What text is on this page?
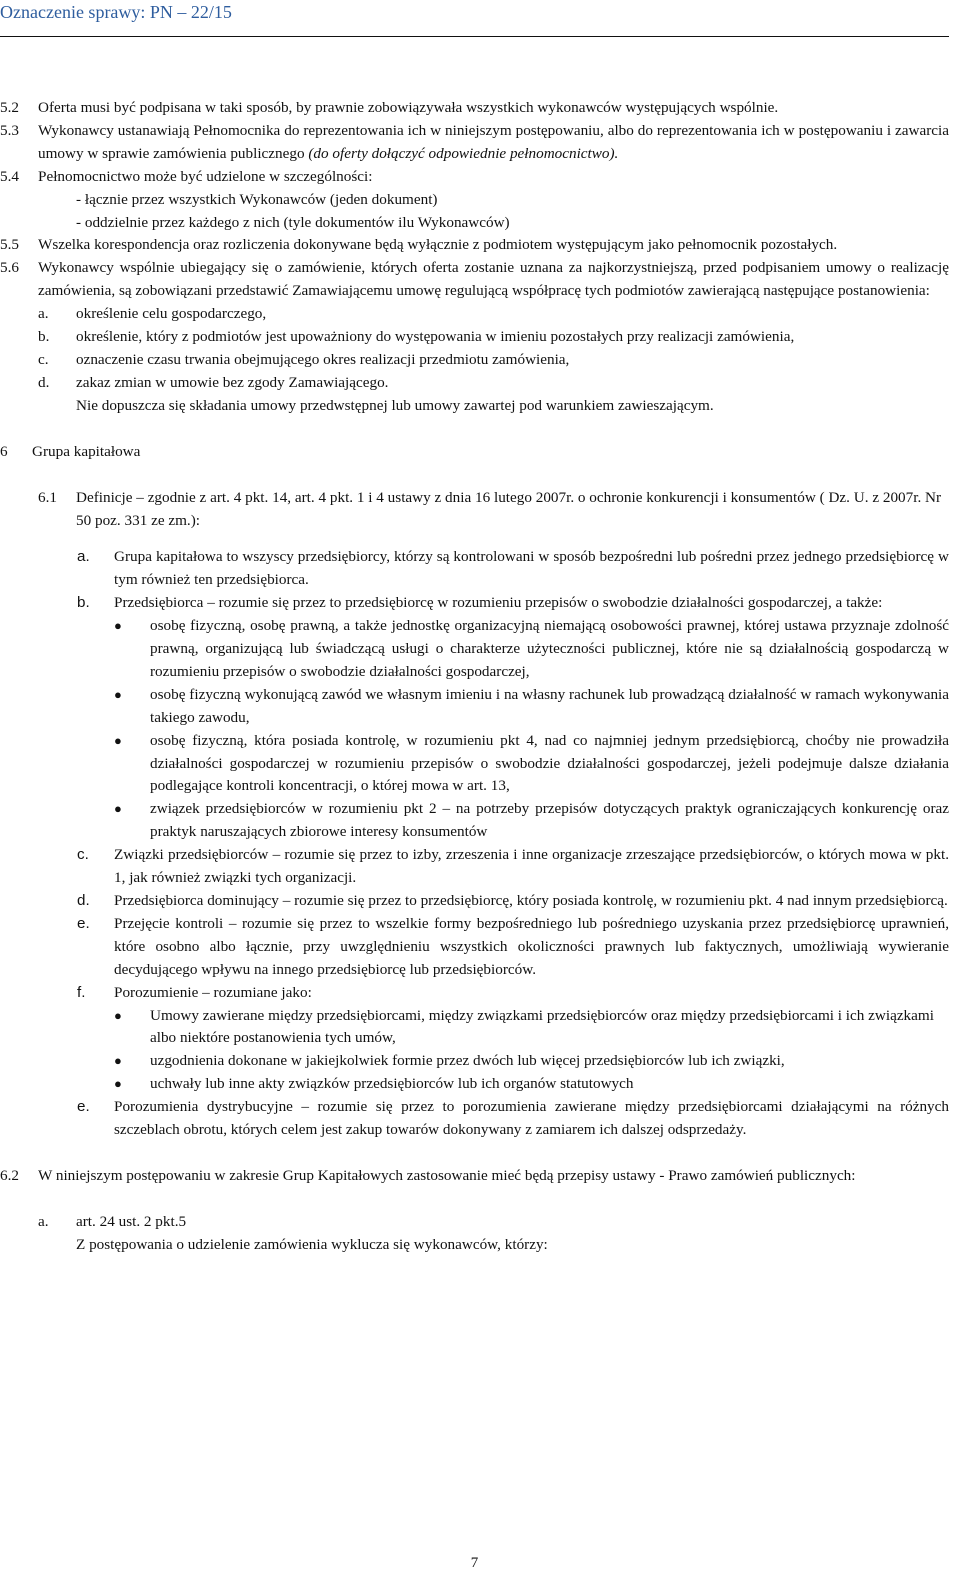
Oznaczenie sprawy: PN – 22/15
5.2	Oferta musi być podpisana w taki sposób, by prawnie zobowiązywała wszystkich wykonawców występujących wspólnie.
5.3	Wykonawcy ustanawiają Pełnomocnika do reprezentowania ich w niniejszym postępowaniu, albo do reprezentowania ich w postępowaniu i zawarcia umowy w sprawie zamówienia publicznego (do oferty dołączyć odpowiednie pełnomocnictwo).
5.4	Pełnomocnictwo może być udzielone w szczególności:
- łącznie przez wszystkich Wykonawców (jeden dokument)
- oddzielnie przez każdego z nich (tyle dokumentów ilu Wykonawców)
5.5	Wszelka korespondencja oraz rozliczenia dokonywane będą wyłącznie z podmiotem występującym jako pełnomocnik pozostałych.
5.6	Wykonawcy wspólnie ubiegający się o zamówienie, których oferta zostanie uznana za najkorzystniejszą, przed podpisaniem umowy o realizację zamówienia, są zobowiązani przedstawić Zamawiającemu umowę regulującą współpracę tych podmiotów zawierającą następujące postanowienia:
a.	określenie celu gospodarczego,
b.	określenie, który z podmiotów jest upoważniony do występowania w imieniu pozostałych przy realizacji zamówienia,
c.	oznaczenie czasu trwania obejmującego okres realizacji przedmiotu zamówienia,
d.	zakaz zmian w umowie bez zgody Zamawiającego.
Nie dopuszcza się składania umowy przedwstępnej lub umowy zawartej pod warunkiem zawieszającym.
6	Grupa kapitałowa
6.1	Definicje – zgodnie z art. 4 pkt. 14, art. 4 pkt. 1 i 4 ustawy z dnia 16 lutego 2007r. o ochronie konkurencji i konsumentów ( Dz. U. z 2007r. Nr 50 poz. 331 ze zm.):
a.	Grupa kapitałowa to wszyscy przedsiębiorcy, którzy są kontrolowani w sposób bezpośredni lub pośredni przez jednego przedsiębiorcę w tym również ten przedsiębiorca.
b.	Przedsiębiorca – rozumie się przez to przedsiębiorcę w rozumieniu przepisów o swobodzie działalności gospodarczej, a także:
●	osobę fizyczną, osobę prawną, a także jednostkę organizacyjną niemającą osobowości prawnej, której ustawa przyznaje zdolność prawną, organizującą lub świadczącą usługi o charakterze użyteczności publicznej, które nie są działalnością gospodarczą w rozumieniu przepisów o swobodzie działalności gospodarczej,
●	osobę fizyczną wykonującą zawód we własnym imieniu i na własny rachunek lub prowadzącą działalność w ramach wykonywania takiego zawodu,
●	osobę fizyczną, która posiada kontrolę, w rozumieniu pkt 4, nad co najmniej jednym przedsiębiorcą, choćby nie prowadziła działalności gospodarczej w rozumieniu przepisów o swobodzie działalności gospodarczej, jeżeli podejmuje dalsze działania podlegające kontroli koncentracji, o której mowa w art. 13,
●	związek przedsiębiorców w rozumieniu pkt 2 – na potrzeby przepisów dotyczących praktyk ograniczających konkurencję oraz praktyk naruszających zbiorowe interesy konsumentów
c.	Związki przedsiębiorców – rozumie się przez to izby, zrzeszenia i inne organizacje zrzeszające przedsiębiorców, o których mowa w pkt. 1, jak również związki tych organizacji.
d.	Przedsiębiorca dominujący – rozumie się przez to przedsiębiorcę, który posiada kontrolę, w rozumieniu pkt. 4 nad innym przedsiębiorcą.
e.	Przejęcie kontroli – rozumie się przez to wszelkie formy bezpośredniego lub pośredniego uzyskania przez przedsiębiorcę uprawnień, które osobno albo łącznie, przy uwzględnieniu wszystkich okoliczności prawnych lub faktycznych, umożliwiają wywieranie decydującego wpływu na innego przedsiębiorcę lub przedsiębiorców.
f.	Porozumienie – rozumiane jako:
●	Umowy zawierane między przedsiębiorcami, między związkami przedsiębiorców oraz między przedsiębiorcami i ich związkami albo niektóre postanowienia tych umów,
●	uzgodnienia dokonane w jakiejkolwiek formie przez dwóch lub więcej przedsiębiorców lub ich związki,
●	uchwały lub inne akty związków przedsiębiorców lub ich organów statutowych
e.	Porozumienia dystrybucyjne – rozumie się przez to porozumienia zawierane między przedsiębiorcami działającymi na różnych szczeblach obrotu, których celem jest zakup towarów dokonywany z zamiarem ich dalszej odsprzedaży.
6.2	W niniejszym postępowaniu w zakresie Grup Kapitałowych zastosowanie mieć będą przepisy ustawy - Prawo zamówień publicznych:
a.	art. 24 ust. 2 pkt.5
Z postępowania o udzielenie zamówienia wyklucza się wykonawców, którzy:
7
